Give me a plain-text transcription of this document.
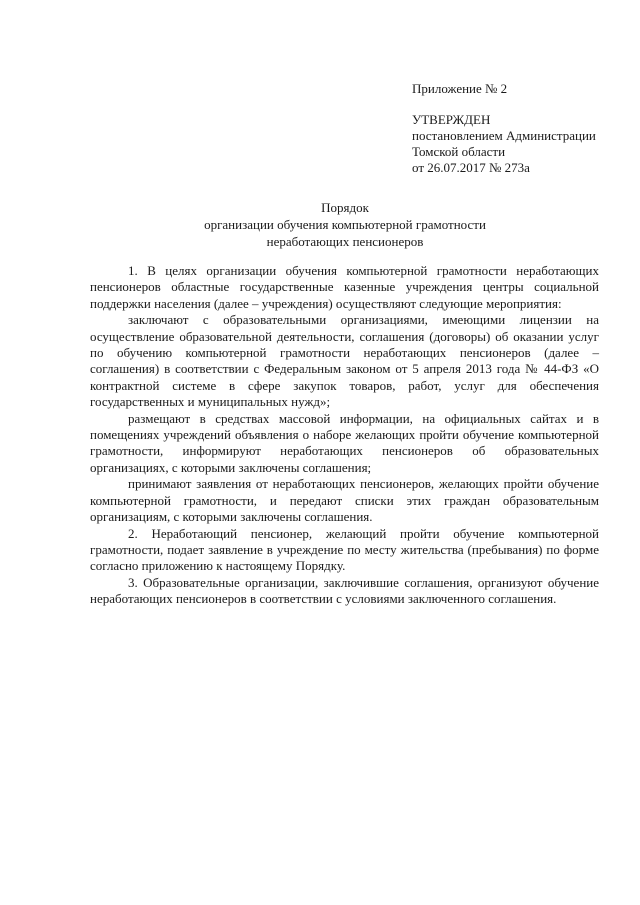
Приложение № 2

УТВЕРЖДЕН
постановлением Администрации
Томской области
от 26.07.2017 № 273а
Порядок
организации обучения компьютерной грамотности
неработающих пенсионеров

1. В целях организации обучения компьютерной грамотности неработающих пенсионеров областные государственные казенные учреждения центры социальной поддержки населения (далее – учреждения) осуществляют следующие мероприятия:

заключают с образовательными организациями, имеющими лицензии на осуществление образовательной деятельности, соглашения (договоры) об оказании услуг по обучению компьютерной грамотности неработающих пенсионеров (далее – соглашения) в соответствии с Федеральным законом от 5 апреля 2013 года № 44-ФЗ «О контрактной системе в сфере закупок товаров, работ, услуг для обеспечения государственных и муниципальных нужд»;

размещают в средствах массовой информации, на официальных сайтах и в помещениях учреждений объявления о наборе желающих пройти обучение компьютерной грамотности, информируют неработающих пенсионеров об образовательных организациях, с которыми заключены соглашения;

принимают заявления от неработающих пенсионеров, желающих пройти обучение компьютерной грамотности, и передают списки этих граждан образовательным организациям, с которыми заключены соглашения.

2. Неработающий пенсионер, желающий пройти обучение компьютерной грамотности, подает заявление в учреждение по месту жительства (пребывания) по форме согласно приложению к настоящему Порядку.

3. Образовательные организации, заключившие соглашения, организуют обучение неработающих пенсионеров в соответствии с условиями заключенного соглашения.
